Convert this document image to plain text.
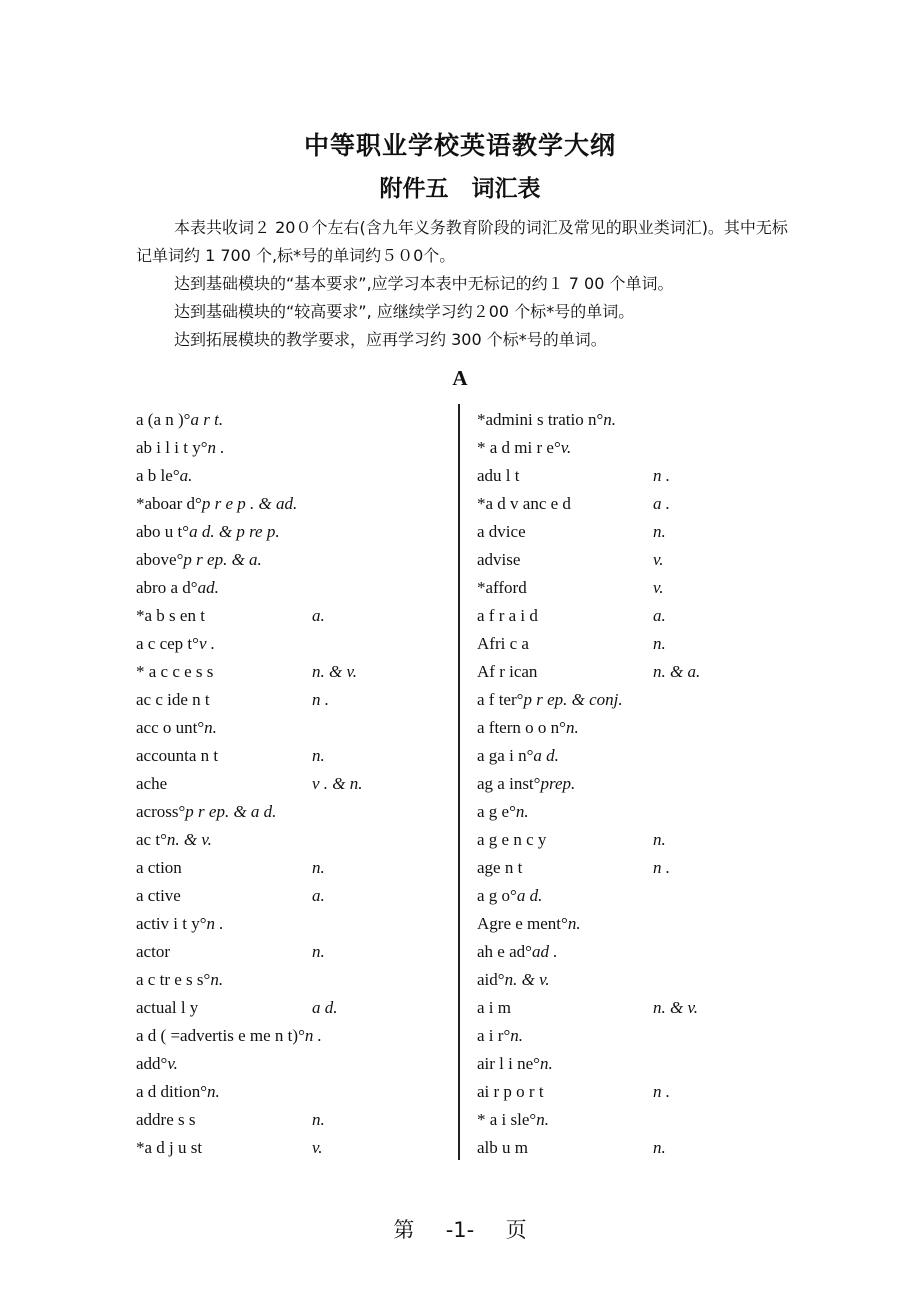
中等职业学校英语教学大纲
附件五　词汇表

本表共收词２ 20０个左右(含九年义务教育阶段的词汇及常见的职业类词汇)。其中无标记单词约 1 700 个,标*号的单词约５０0个。

达到基础模块的“基本要求”,应学习本表中无标记的约１ 7 00 个单词。

达到基础模块的“较高要求”, 应继续学习约２00 个标*号的单词。

达到拓展模块的教学要求，应再学习约 300 个标*号的单词。

A
a (a n )°a r t.
ab i l i t y°n .
a b le°a.
*aboar d°p r e p . & ad.
abo u t°a d. & p re p.
above°p r ep. & a.
abro a d°ad.
*a b s en t	a.
a c cep t°v .
* a c c e s s	n. & v.
ac c ide n t	n .
acc o unt°n.
accounta n t	n.
ache	v . & n.
across°p r ep. & a d.
ac t°n. & v.
a ction	n.
a ctive	a.
activ i t y°n .
actor	n.
a c tr e s s°n.
actual l y	a d.
a d ( =advertis e me n t)°n .
add°v.
a d dition°n.
addre s s	n.
*a d j u st	v.
*admini s tratio n°n.
* a d mi r e°v.
adu l t	n .
*a d v anc e d	a .
a dvice	n.
advise	v.
*afford	v.
a f r a i d	a.
Afri c a	n.
Af r ican	n. & a.
a f ter°p r ep. & conj.
a ftern o o n°n.
a ga i n°a d.
ag a inst°prep.
a g e°n.
a g e n c y	n.
age n t	n .
a g o°a d.
Agre e ment°n.
ah e ad°ad .
aid°n. & v.
a i m	n. & v.
a i r°n.
air l i ne°n.
ai r p o r t	n .
* a i sle°n.
alb u m	n.
第 -1- 页
